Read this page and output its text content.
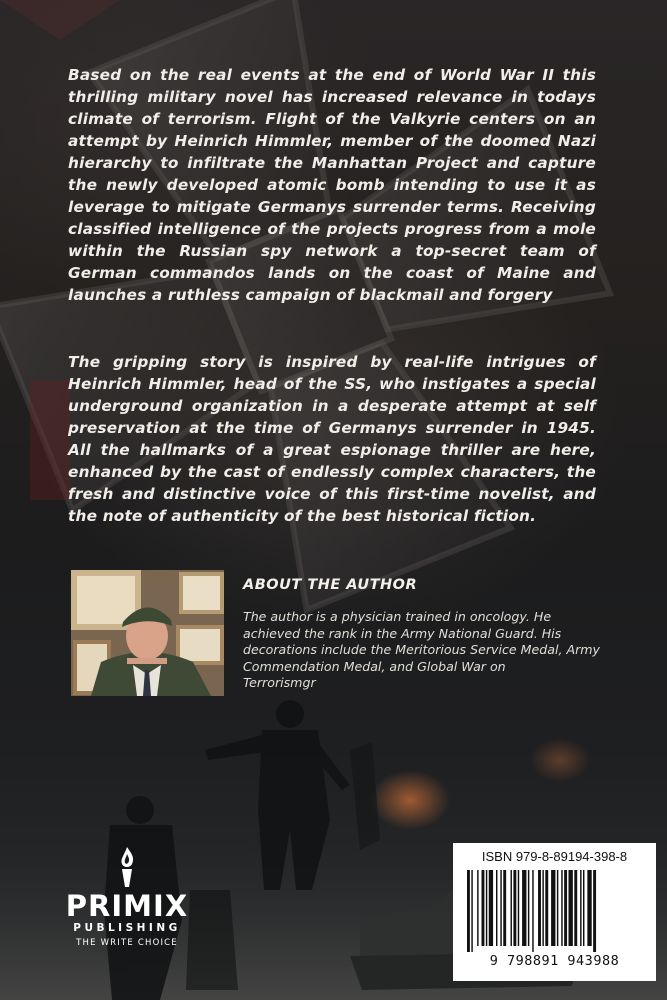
Based on the real events at the end of World War II this thrilling military novel has increased relevance in todays climate of terrorism. Flight of the Valkyrie centers on an attempt by Heinrich Himmler, member of the doomed Nazi hierarchy to infiltrate the Manhattan Project and capture the newly developed atomic bomb intending to use it as leverage to mitigate Germanys surrender terms. Receiving classified intelligence of the projects progress from a mole within the Russian spy network a top-secret team of German commandos lands on the coast of Maine and launches a ruthless campaign of blackmail and forgery

The gripping story is inspired by real-life intrigues of Heinrich Himmler, head of the SS, who instigates a special underground organization in a desperate attempt at self preservation at the time of Germanys surrender in 1945. All the hallmarks of a great espionage thriller are here, enhanced by the cast of endlessly complex characters, the fresh and distinctive voice of this first-time novelist, and the note of authenticity of the best historical fiction.

ABOUT THE AUTHOR

The author is a physician trained in oncology. He achieved the rank in the Army National Guard. His decorations include the Meritorious Service Medal, Army Commendation Medal, and Global War on
Terrorismgr

PRIMIX
PUBLISHING
THE WRITE CHOICE
ISBN 979-8-89194-398-8
9 798891 943988
